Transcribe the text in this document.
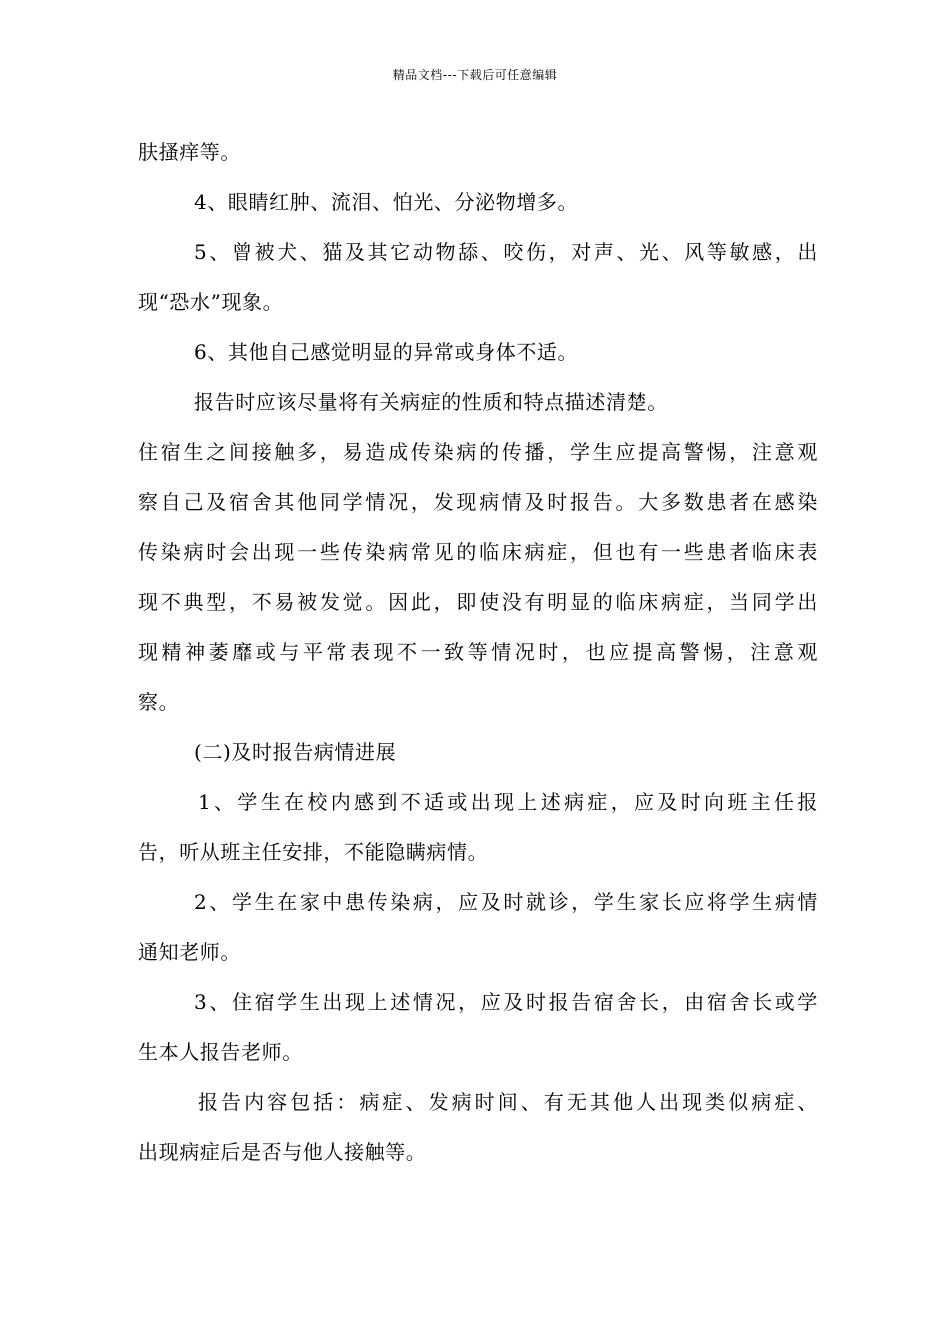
精品文档---下载后可任意编辑
肤搔痒等。
4、眼睛红肿、流泪、怕光、分泌物增多。
5、曾被犬、猫及其它动物舔、咬伤，对声、光、风等敏感，出
现“恐水”现象。
6、其他自己感觉明显的异常或身体不适。
报告时应该尽量将有关病症的性质和特点描述清楚。
住宿生之间接触多，易造成传染病的传播，学生应提高警惕，注意观
察自己及宿舍其他同学情况，发现病情及时报告。大多数患者在感染
传染病时会出现一些传染病常见的临床病症，但也有一些患者临床表
现不典型，不易被发觉。因此，即使没有明显的临床病症，当同学出
现精神萎靡或与平常表现不一致等情况时，也应提高警惕，注意观
察。
(二)及时报告病情进展
1、学生在校内感到不适或出现上述病症，应及时向班主任报
告，听从班主任安排，不能隐瞒病情。
2、学生在家中患传染病，应及时就诊，学生家长应将学生病情
通知老师。
3、住宿学生出现上述情况，应及时报告宿舍长，由宿舍长或学
生本人报告老师。
报告内容包括：病症、发病时间、有无其他人出现类似病症、
出现病症后是否与他人接触等。
